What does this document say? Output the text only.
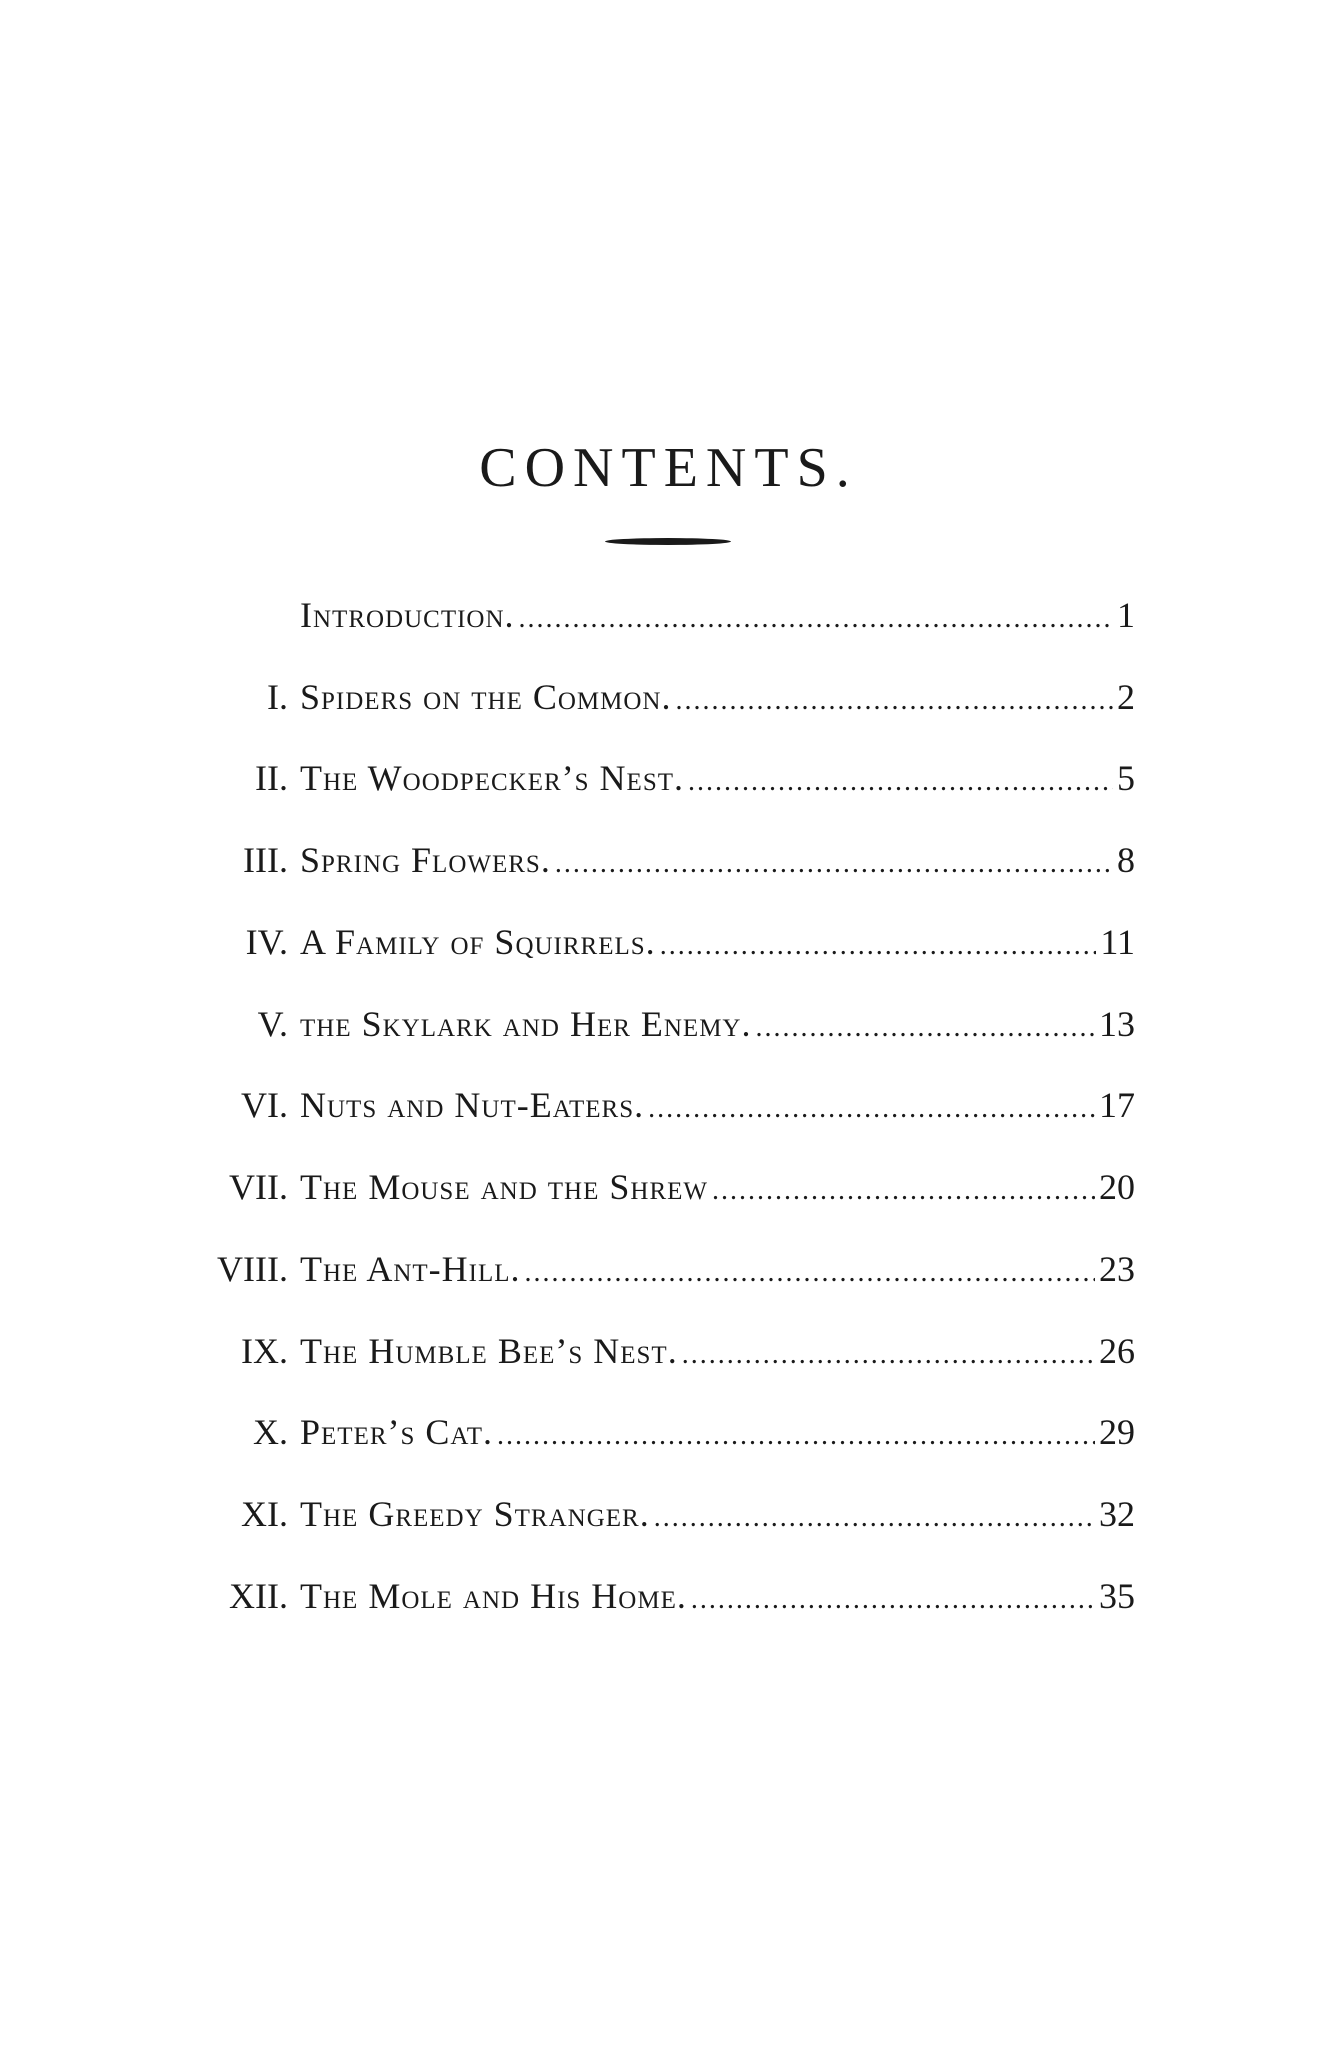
CONTENTS.
Introduction. .....	1
I. Spiders on the Common. .....	2
II. The Woodpecker’s Nest. .....	5
III. Spring Flowers. .....	8
IV. A Family of Squirrels. .....	11
V. the Skylark and Her Enemy. .....	13
VI. Nuts and Nut-Eaters. .....	17
VII. The Mouse and the Shrew .....	20
VIII. The Ant-Hill. .....	23
IX. The Humble Bee’s Nest. .....	26
X. Peter’s Cat. .....	29
XI. The Greedy Stranger. .....	32
XII. The Mole and His Home. .....	35
